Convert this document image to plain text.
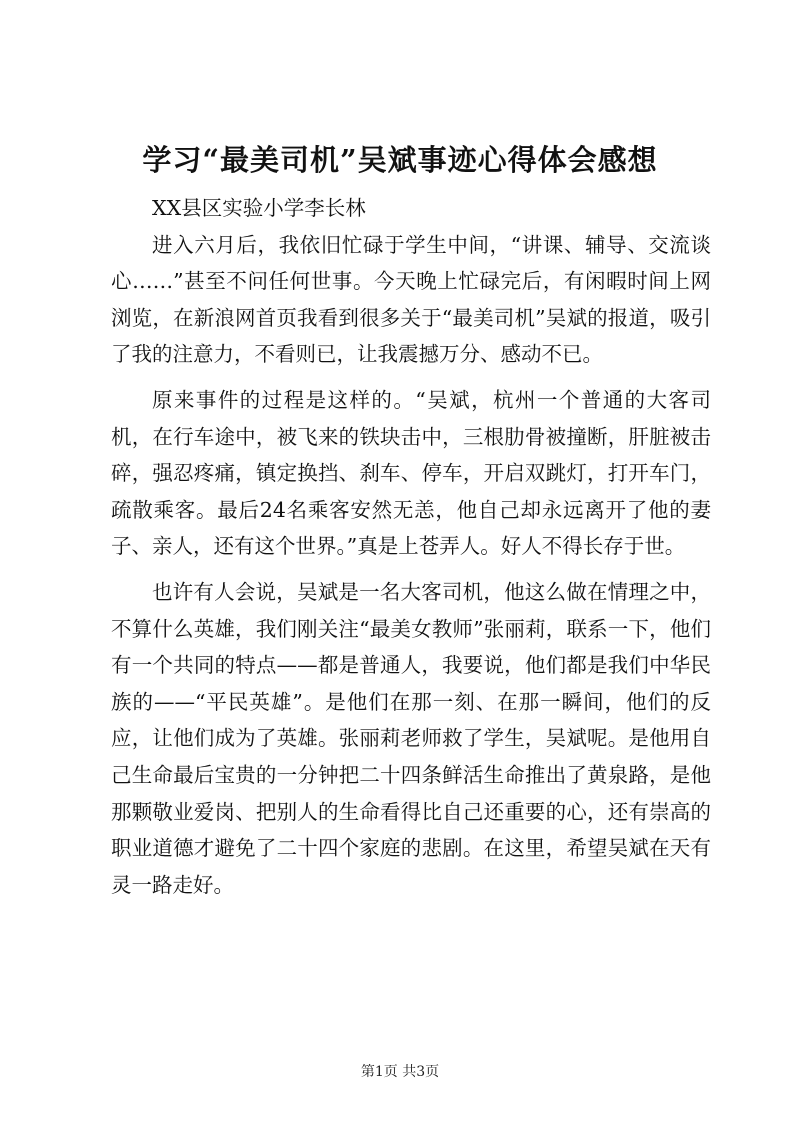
学习“最美司机”吴斌事迹心得体会感想

XX县区实验小学李长林

进入六月后，我依旧忙碌于学生中间，“讲课、辅导、交流谈心……”甚至不问任何世事。今天晚上忙碌完后，有闲暇时间上网浏览，在新浪网首页我看到很多关于“最美司机”吴斌的报道，吸引了我的注意力，不看则已，让我震撼万分、感动不已。

原来事件的过程是这样的。“吴斌，杭州一个普通的大客司机，在行车途中，被飞来的铁块击中，三根肋骨被撞断，肝脏被击碎，强忍疼痛，镇定换挡、刹车、停车，开启双跳灯，打开车门，疏散乘客。最后24名乘客安然无恙，他自己却永远离开了他的妻子、亲人，还有这个世界。”真是上苍弄人。好人不得长存于世。

也许有人会说，吴斌是一名大客司机，他这么做在情理之中，不算什么英雄，我们刚关注“最美女教师”张丽莉，联系一下，他们有一个共同的特点——都是普通人，我要说，他们都是我们中华民族的——“平民英雄”。是他们在那一刻、在那一瞬间，他们的反应，让他们成为了英雄。张丽莉老师救了学生，吴斌呢。是他用自己生命最后宝贵的一分钟把二十四条鲜活生命推出了黄泉路，是他那颗敬业爱岗、把别人的生命看得比自己还重要的心，还有崇高的职业道德才避免了二十四个家庭的悲剧。在这里，希望吴斌在天有灵一路走好。

第1页 共3页
